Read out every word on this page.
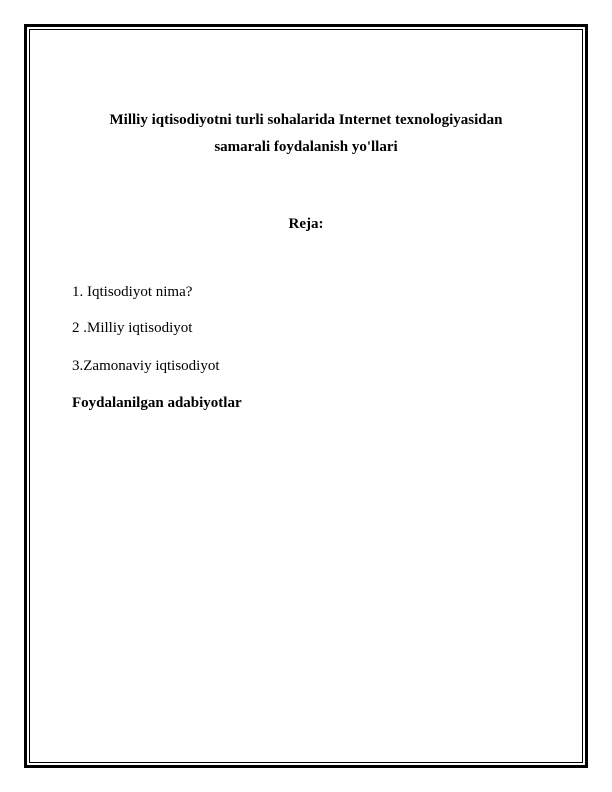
Milliy iqtisodiyotni turli sohalarida Internet texnologiyasidan
samarali foydalanish yo'llari
Reja:
1. Iqtisodiyot nima?
2 .Milliy iqtisodiyot
3.Zamonaviy iqtisodiyot
Foydalanilgan adabiyotlar
